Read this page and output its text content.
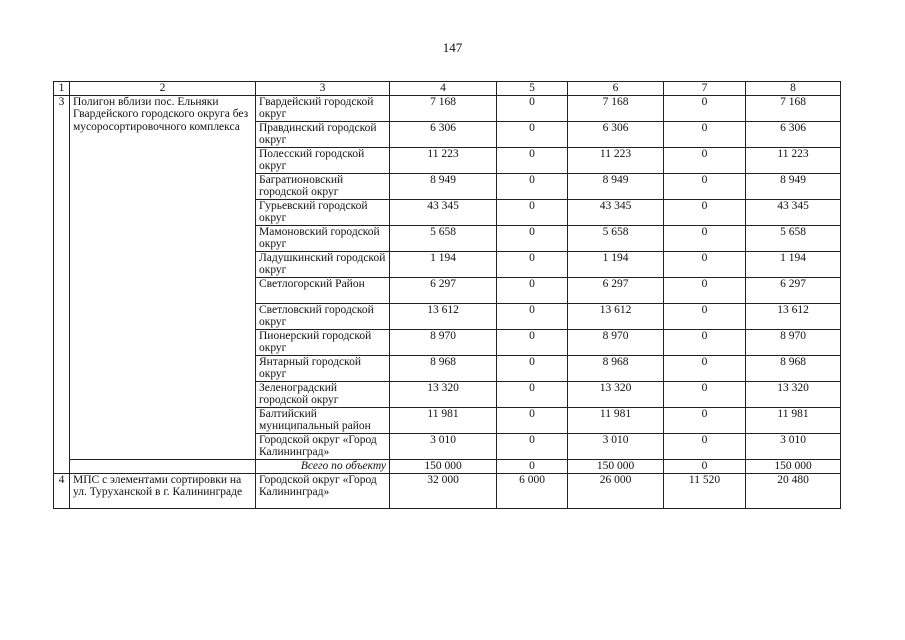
147
1	2	3	4	5	6	7	8
3	Полигон вблизи пос. Ельняки Гвардейского городского округа без мусоросортировочного комплекса	Гвардейский городской округ	7 168	0	7 168	0	7 168
		Правдинский городской округ	6 306	0	6 306	0	6 306
		Полесский городской округ	11 223	0	11 223	0	11 223
		Багратионовский городской округ	8 949	0	8 949	0	8 949
		Гурьевский городской округ	43 345	0	43 345	0	43 345
		Мамоновский городской округ	5 658	0	5 658	0	5 658
		Ладушкинский городской округ	1 194	0	1 194	0	1 194
		Светлогорский Район	6 297	0	6 297	0	6 297
		Светловский городской округ	13 612	0	13 612	0	13 612
		Пионерский городской округ	8 970	0	8 970	0	8 970
		Янтарный городской округ	8 968	0	8 968	0	8 968
		Зеленоградский городской округ	13 320	0	13 320	0	13 320
		Балтийский муниципальный район	11 981	0	11 981	0	11 981
		Городской округ «Город Калининград»	3 010	0	3 010	0	3 010
		Всего по объекту	150 000	0	150 000	0	150 000
4	МПС с элементами сортировки на ул. Туруханской в г. Калининграде	Городской округ «Город Калининград»	32 000	6 000	26 000	11 520	20 480
